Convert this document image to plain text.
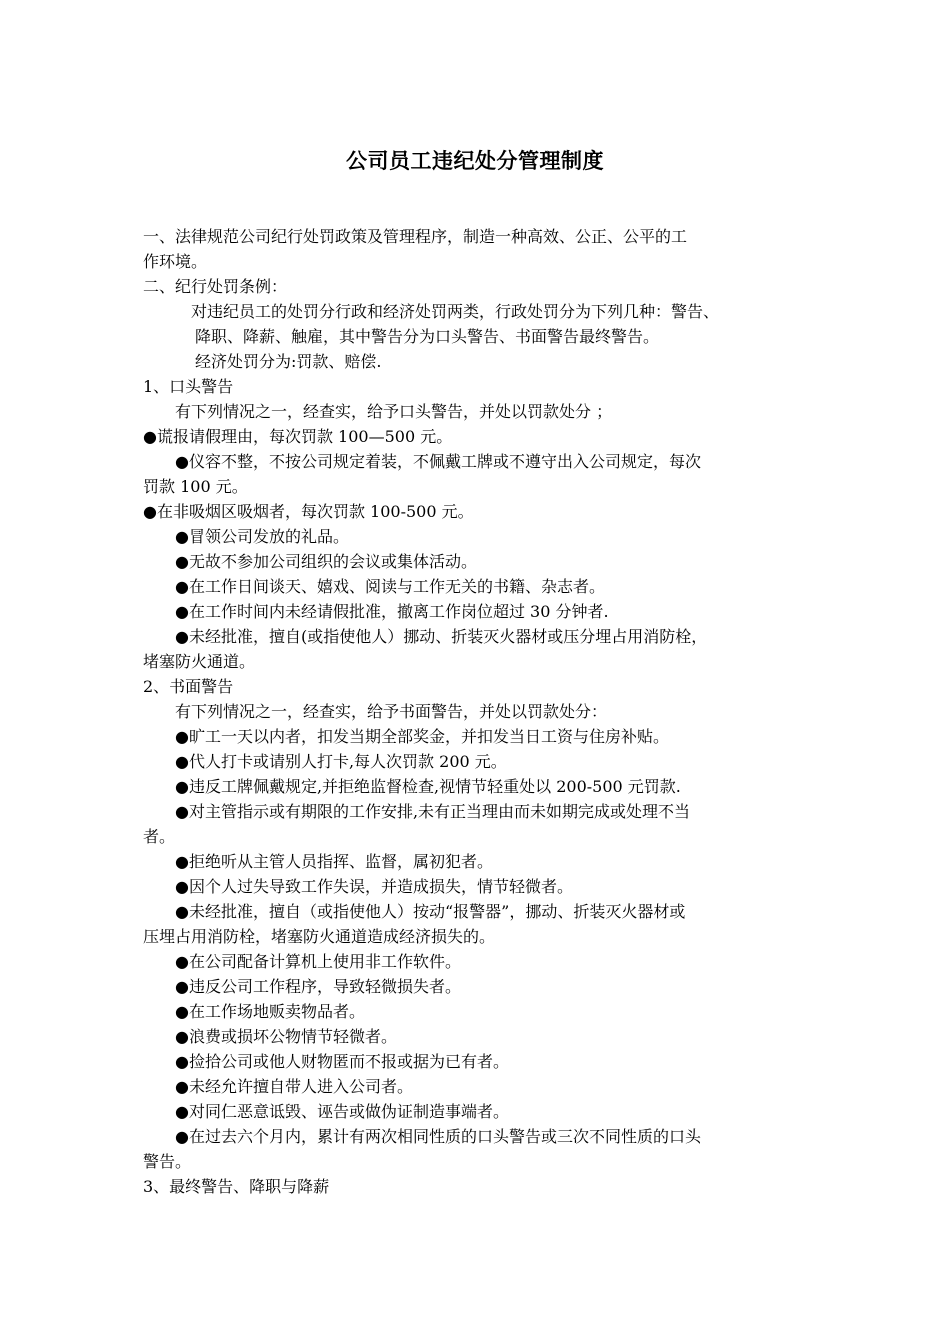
公司员工违纪处分管理制度
一、法律规范公司纪行处罚政策及管理程序，制造一种高效、公正、公平的工
作环境。
二、纪行处罚条例：
对违纪员工的处罚分行政和经济处罚两类，行政处罚分为下列几种：警告、
降职、降薪、触雇，其中警告分为口头警告、书面警告最终警告。
经济处罚分为:罚款、赔偿.
1、口头警告
有下列情况之一，经查实，给予口头警告，并处以罚款处分 ；
●谎报请假理由，每次罚款 100—500 元。
●仪容不整，不按公司规定着装，不佩戴工牌或不遵守出入公司规定，每次
罚款 100 元。
●在非吸烟区吸烟者，每次罚款 100-500 元。
●冒领公司发放的礼品。
●无故不参加公司组织的会议或集体活动。
●在工作日间谈天、嬉戏、阅读与工作无关的书籍、杂志者。
●在工作时间内未经请假批准，撤离工作岗位超过 30 分钟者.
●未经批准，擅自(或指使他人）挪动、折装灭火器材或压分埋占用消防栓，
堵塞防火通道。
2、书面警告
有下列情况之一，经查实，给予书面警告，并处以罚款处分：
●旷工一天以内者，扣发当期全部奖金，并扣发当日工资与住房补贴。
●代人打卡或请别人打卡,每人次罚款 200 元。
●违反工牌佩戴规定,并拒绝监督检查,视情节轻重处以 200-500 元罚款.
●对主管指示或有期限的工作安排,未有正当理由而未如期完成或处理不当
者。
●拒绝听从主管人员指挥、监督，属初犯者。
●因个人过失导致工作失误，并造成损失，情节轻微者。
●未经批准，擅自（或指使他人）按动“报警器”，挪动、折装灭火器材或
压埋占用消防栓，堵塞防火通道造成经济损失的。
●在公司配备计算机上使用非工作软件。
●违反公司工作程序，导致轻微损失者。
●在工作场地贩卖物品者。
●浪费或损坏公物情节轻微者。
●捡拾公司或他人财物匿而不报或据为已有者。
●未经允许擅自带人进入公司者。
●对同仁恶意诋毁、诬告或做伪证制造事端者。
●在过去六个月内，累计有两次相同性质的口头警告或三次不同性质的口头
警告。
3、最终警告、降职与降薪
